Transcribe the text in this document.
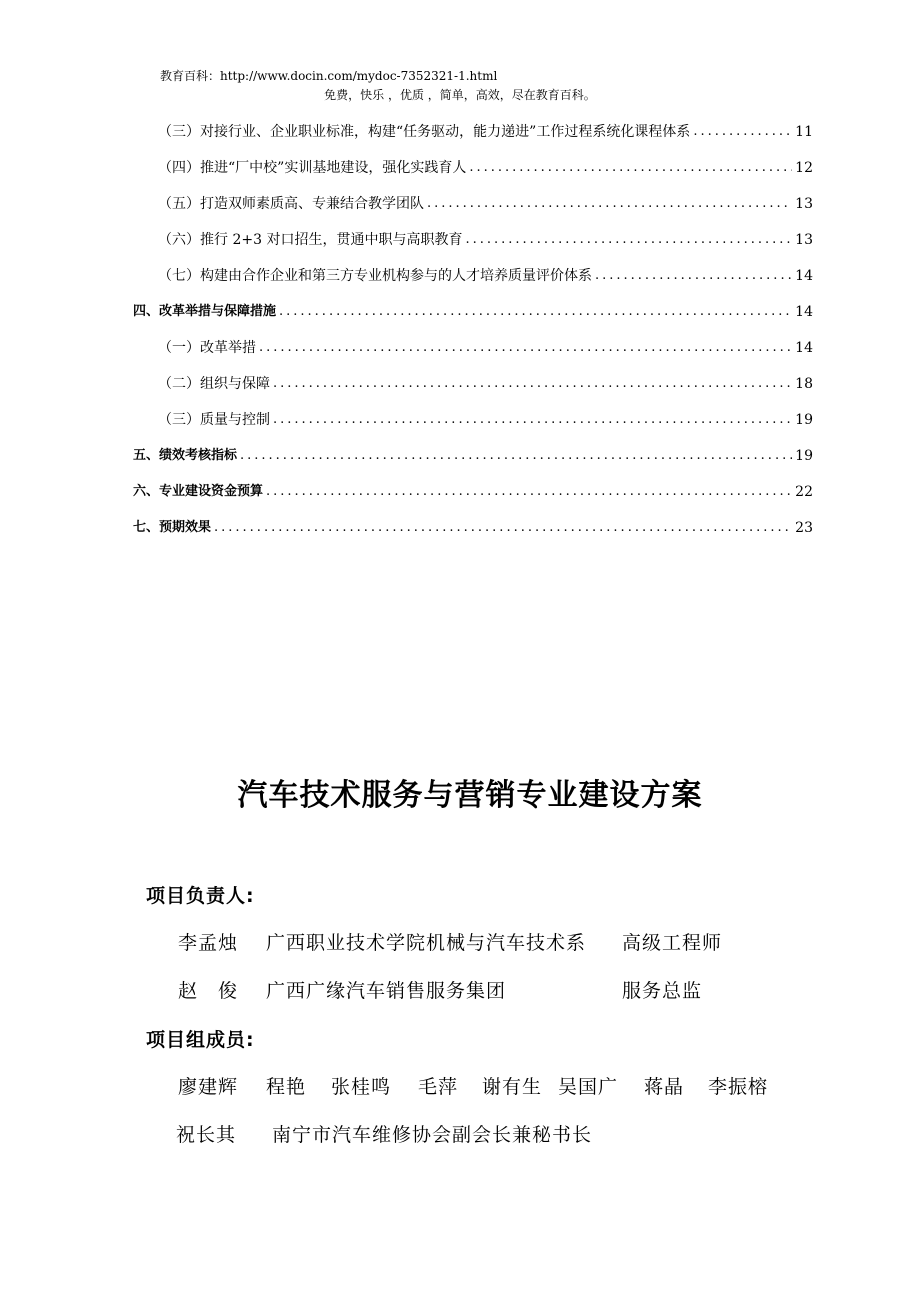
教育百科：http://www.docin.com/mydoc-7352321-1.html
免费，快乐 ，优质 ，简单，高效，尽在教育百科。
（三）对接行业、企业职业标准，构建“任务驱动，能力递进”工作过程系统化课程体系 .....	11
（四）推进“厂中校”实训基地建设，强化实践育人 .....	12
（五）打造双师素质高、专兼结合教学团队 .....	13
（六）推行 2+3 对口招生，贯通中职与高职教育 .....	13
（七）构建由合作企业和第三方专业机构参与的人才培养质量评价体系 .....	14
四、改革举措与保障措施 .....	14
（一）改革举措 .....	14
（二）组织与保障 .....	18
（三）质量与控制 .....	19
五、绩效考核指标 .....	19
六、专业建设资金预算 .....	22
七、预期效果 .....	23
汽车技术服务与营销专业建设方案
项目负责人:
李孟烛 广西职业技术学院机械与汽车技术系 高级工程师
赵　俊 广西广缘汽车销售服务集团	服务总监
项目组成员:
廖建辉 程艳 张桂鸣 毛萍 谢有生 吴国广 蒋晶 李振榕
祝长其 南宁市汽车维修协会副会长兼秘书长
